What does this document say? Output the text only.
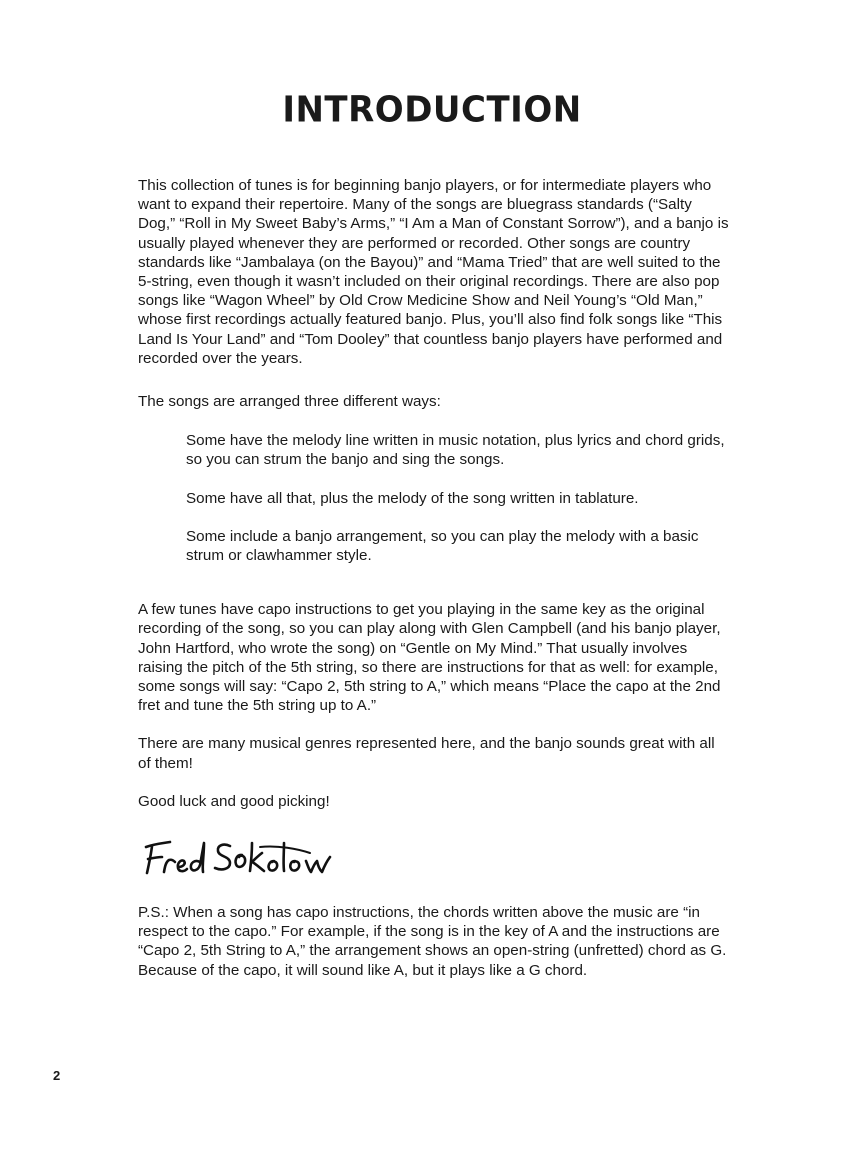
INTRODUCTION

This collection of tunes is for beginning banjo players, or for intermediate players who want to expand their repertoire. Many of the songs are bluegrass standards (“Salty Dog,” “Roll in My Sweet Baby’s Arms,” “I Am a Man of Constant Sorrow”), and a banjo is usually played whenever they are performed or recorded. Other songs are country standards like “Jambalaya (on the Bayou)” and “Mama Tried” that are well suited to the 5-string, even though it wasn’t included on their original recordings. There are also pop songs like “Wagon Wheel” by Old Crow Medicine Show and Neil Young’s “Old Man,” whose first recordings actually featured banjo. Plus, you’ll also find folk songs like “This Land Is Your Land” and “Tom Dooley” that countless banjo players have performed and recorded over the years.

The songs are arranged three different ways:

Some have the melody line written in music notation, plus lyrics and chord grids, so you can strum the banjo and sing the songs.

Some have all that, plus the melody of the song written in tablature.

Some include a banjo arrangement, so you can play the melody with a basic strum or clawhammer style.

A few tunes have capo instructions to get you playing in the same key as the original recording of the song, so you can play along with Glen Campbell (and his banjo player, John Hartford, who wrote the song) on “Gentle on My Mind.” That usually involves raising the pitch of the 5th string, so there are instructions for that as well: for example, some songs will say: “Capo 2, 5th string to A,” which means “Place the capo at the 2nd fret and tune the 5th string up to A.”

There are many musical genres represented here, and the banjo sounds great with all of them!

Good luck and good picking!

P.S.: When a song has capo instructions, the chords written above the music are “in respect to the capo.” For example, if the song is in the key of A and the instructions are “Capo 2, 5th String to A,” the arrangement shows an open-string (unfretted) chord as G. Because of the capo, it will sound like A, but it plays like a G chord.

2
